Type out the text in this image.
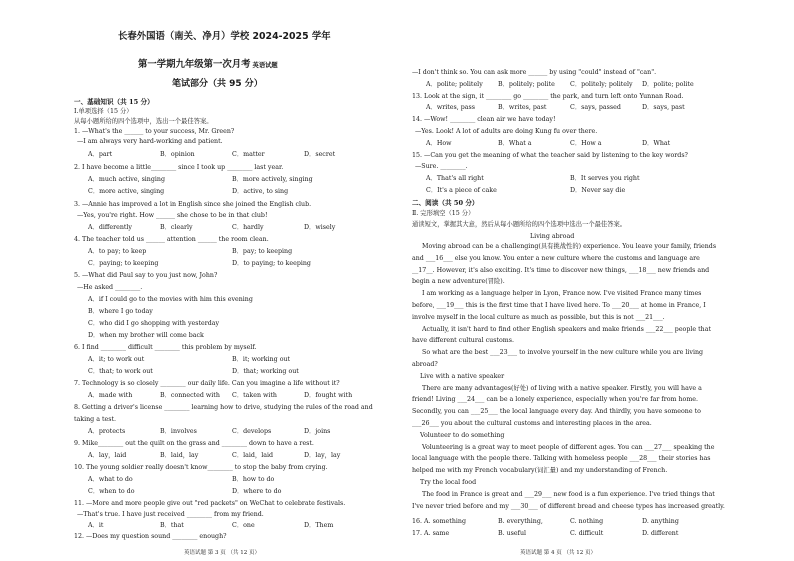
长春外国语（南关、净月）学校 2024-2025 学年
第一学期九年级第一次月考 英语试题
笔试部分（共 95 分）
一、基础知识（共 15 分）
Ⅰ.单项选择（15 分）
从每小题所给的四个选项中，选出一个最佳答案。
1. —What's the ______ to your success, Mr. Green?
—I am always very hard-working and patient.
A．part	B．opinion	C．matter	D．secret
2. I have become a little________ since I took up ________ last year.
A．much active, singing	B．more actively, singing
C．more active, singing	D．active, to sing
3. —Annie has improved a lot in English since she joined the English club.
—Yes, you're right. How ______ she chose to be in that club!
A．differently	B．clearly	C．hardly	D．wisely
4. The teacher told us ______ attention ______ the room clean.
A．to pay; to keep	B．pay; to keeping
C．paying; to keeping	D．to paying; to keeping
5. —What did Paul say to you just now, John?
—He asked ________.
A．if I could go to the movies with him this evening
B．where I go today
C．who did I go shopping with yesterday
D．when my brother will come back
6. I find ________ difficult ________ this problem by myself.
A．it; to work out	B．it; working out
C．that; to work out	D．that; working out
7. Technology is so closely ________ our daily life. Can you imagine a life without it?
A．made with	B．connected with C．taken with	D．fought with
8. Getting a driver's license ________ learning how to drive, studying the rules of the road and
taking a test.
A．protects	B．involves	C．develops	D．joins
9. Mike________ out the quilt on the grass and ________ down to have a rest.
A．lay，laid	B．laid，lay	C．laid，laid	D．lay，lay
10. The young soldier really doesn't know________ to stop the baby from crying.
A．what to do	B．how to do
C．when to do	D．where to do
11. —More and more people give out "red packets" on WeChat to celebrate festivals.
—That's true. I have just received ________ from my friend.
A．it	B．that	C．one	D．Them
12. —Does my question sound ________ enough?
英语试题 第 3 页 （共 12 页）
—I don't think so. You can ask more ______ by using "could" instead of "can".
A．polite; politely B．politely; polite C．politely; politely D．polite; polite
13. Look at the sign, it ________ go ________ the park, and turn left onto Yunnan Road.
A．writes, pass	B．writes, past	C．says, passed	D．says, past
14. —Wow! ________ clean air we have today!
—Yes. Look! A lot of adults are doing Kung fu over there.
A．How	B．What a	C．How a	D．What
15. —Can you get the meaning of what the teacher said by listening to the key words?
—Sure. ________.
A．That's all right	B．It serves you right
C．It's a piece of cake	D．Never say die
二、阅读（共 50 分）
Ⅱ. 完形填空（15 分）
通读短文，掌握其大意，然后从每小题所给的四个选项中选出一个最佳答案。
Living abroad
Moving abroad can be a challenging(具有挑战性的) experience. You leave your family, friends
and ___16___ else you know. You enter a new culture where the customs and language are
__17__. However, it's also exciting. It's time to discover new things, ___18___ new friends and
begin a new adventure(冒险).
I am working as a language helper in Lyon, France now. I've visited France many times
before, ___19___ this is the first time that I have lived here. To ___20___ at home in France, I
involve myself in the local culture as much as possible, but this is not ___21___.
Actually, it isn't hard to find other English speakers and make friends ___22___ people that
have different cultural customs.
So what are the best ___23___ to involve yourself in the new culture while you are living
abroad?
Live with a native speaker
There are many advantages(好处) of living with a native speaker. Firstly, you will have a
friend! Living ___24___ can be a lonely experience, especially when you're far from home.
Secondly, you can ___25___ the local language every day. And thirdly, you have someone to
___26___ you about the cultural customs and interesting places in the area.
Volunteer to do something
Volunteering is a great way to meet people of different ages. You can ___27___ speaking the
local language with the people there. Talking with homeless people ___28___ their stories has
helped me with my French vocabulary(词汇量) and my understanding of French.
Try the local food
The food in France is great and ___29___ new food is a fun experience. I've tried things that
I've never tried before and my ___30___ of different bread and cheese types has increased greatly.
16. A. something	B. everything,	C. nothing	D. anything
17. A. same	B. useful	C. difficult	D. different
英语试题 第 4 页 （共 12 页）
